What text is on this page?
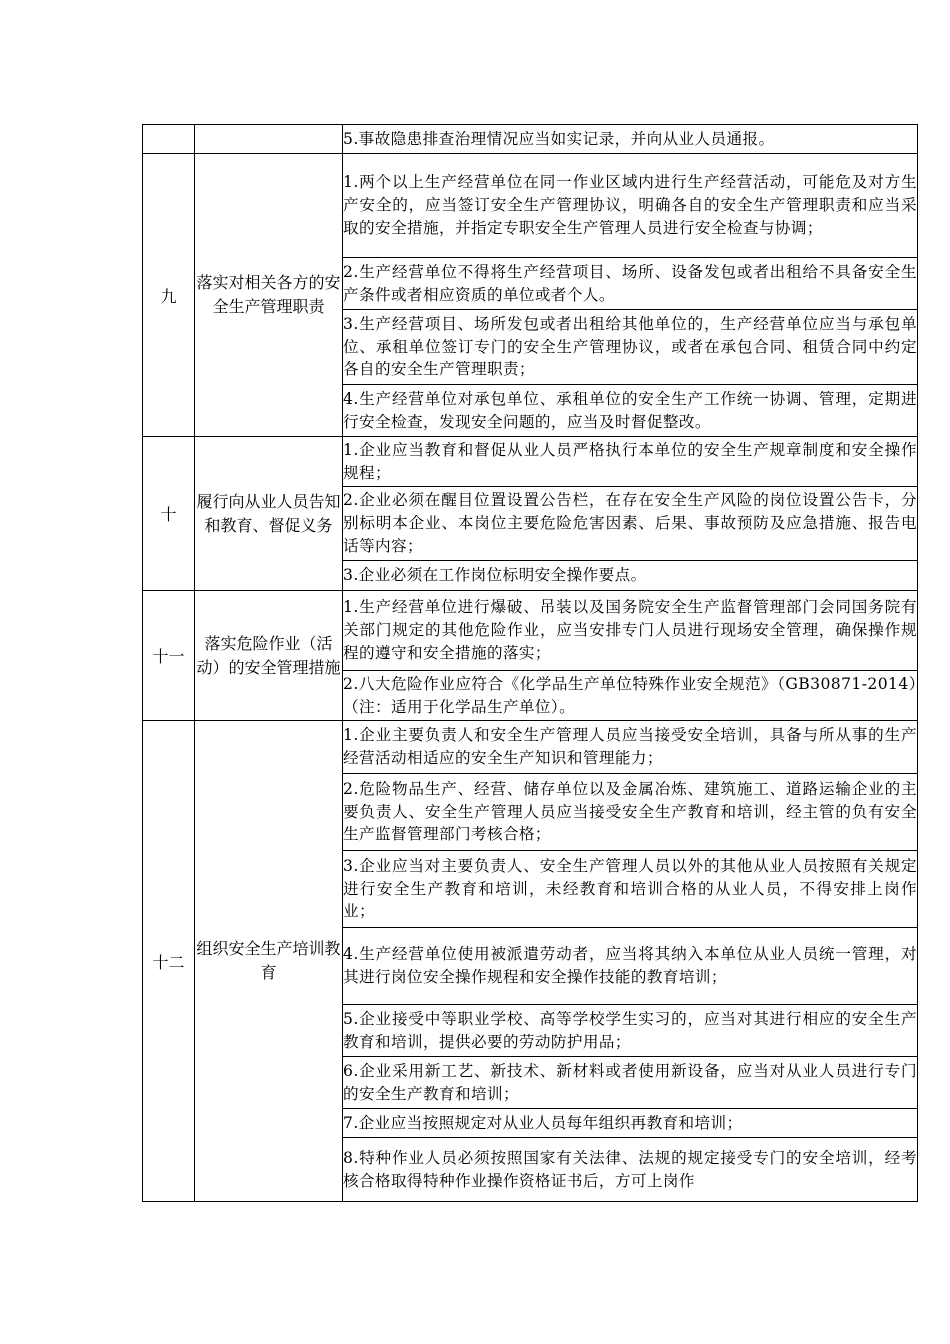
		5.事故隐患排查治理情况应当如实记录，并向从业人员通报。
九	落实对相关各方的安全生产管理职责	1.两个以上生产经营单位在同一作业区域内进行生产经营活动，可能危及对方生产安全的，应当签订安全生产管理协议，明确各自的安全生产管理职责和应当采取的安全措施，并指定专职安全生产管理人员进行安全检查与协调；
		2.生产经营单位不得将生产经营项目、场所、设备发包或者出租给不具备安全生产条件或者相应资质的单位或者个人。
		3.生产经营项目、场所发包或者出租给其他单位的，生产经营单位应当与承包单位、承租单位签订专门的安全生产管理协议，或者在承包合同、租赁合同中约定各自的安全生产管理职责；
		4.生产经营单位对承包单位、承租单位的安全生产工作统一协调、管理，定期进行安全检查，发现安全问题的，应当及时督促整改。
十	履行向从业人员告知和教育、督促义务	1.企业应当教育和督促从业人员严格执行本单位的安全生产规章制度和安全操作规程；
		2.企业必须在醒目位置设置公告栏，在存在安全生产风险的岗位设置公告卡，分别标明本企业、本岗位主要危险危害因素、后果、事故预防及应急措施、报告电话等内容；
		3.企业必须在工作岗位标明安全操作要点。
十一	落实危险作业（活动）的安全管理措施	1.生产经营单位进行爆破、吊装以及国务院安全生产监督管理部门会同国务院有关部门规定的其他危险作业，应当安排专门人员进行现场安全管理，确保操作规程的遵守和安全措施的落实；
		2.八大危险作业应符合《化学品生产单位特殊作业安全规范》（GB30871-2014）（注：适用于化学品生产单位）。
十二	组织安全生产培训教育	1.企业主要负责人和安全生产管理人员应当接受安全培训，具备与所从事的生产经营活动相适应的安全生产知识和管理能力；
		2.危险物品生产、经营、储存单位以及金属冶炼、建筑施工、道路运输企业的主要负责人、安全生产管理人员应当接受安全生产教育和培训，经主管的负有安全生产监督管理部门考核合格；
		3.企业应当对主要负责人、安全生产管理人员以外的其他从业人员按照有关规定进行安全生产教育和培训，未经教育和培训合格的从业人员，不得安排上岗作业；
		4.生产经营单位使用被派遣劳动者，应当将其纳入本单位从业人员统一管理，对其进行岗位安全操作规程和安全操作技能的教育培训；
		5.企业接受中等职业学校、高等学校学生实习的，应当对其进行相应的安全生产教育和培训，提供必要的劳动防护用品；
		6.企业采用新工艺、新技术、新材料或者使用新设备，应当对从业人员进行专门的安全生产教育和培训；
		7.企业应当按照规定对从业人员每年组织再教育和培训；
		8.特种作业人员必须按照国家有关法律、法规的规定接受专门的安全培训，经考核合格取得特种作业操作资格证书后，方可上岗作
